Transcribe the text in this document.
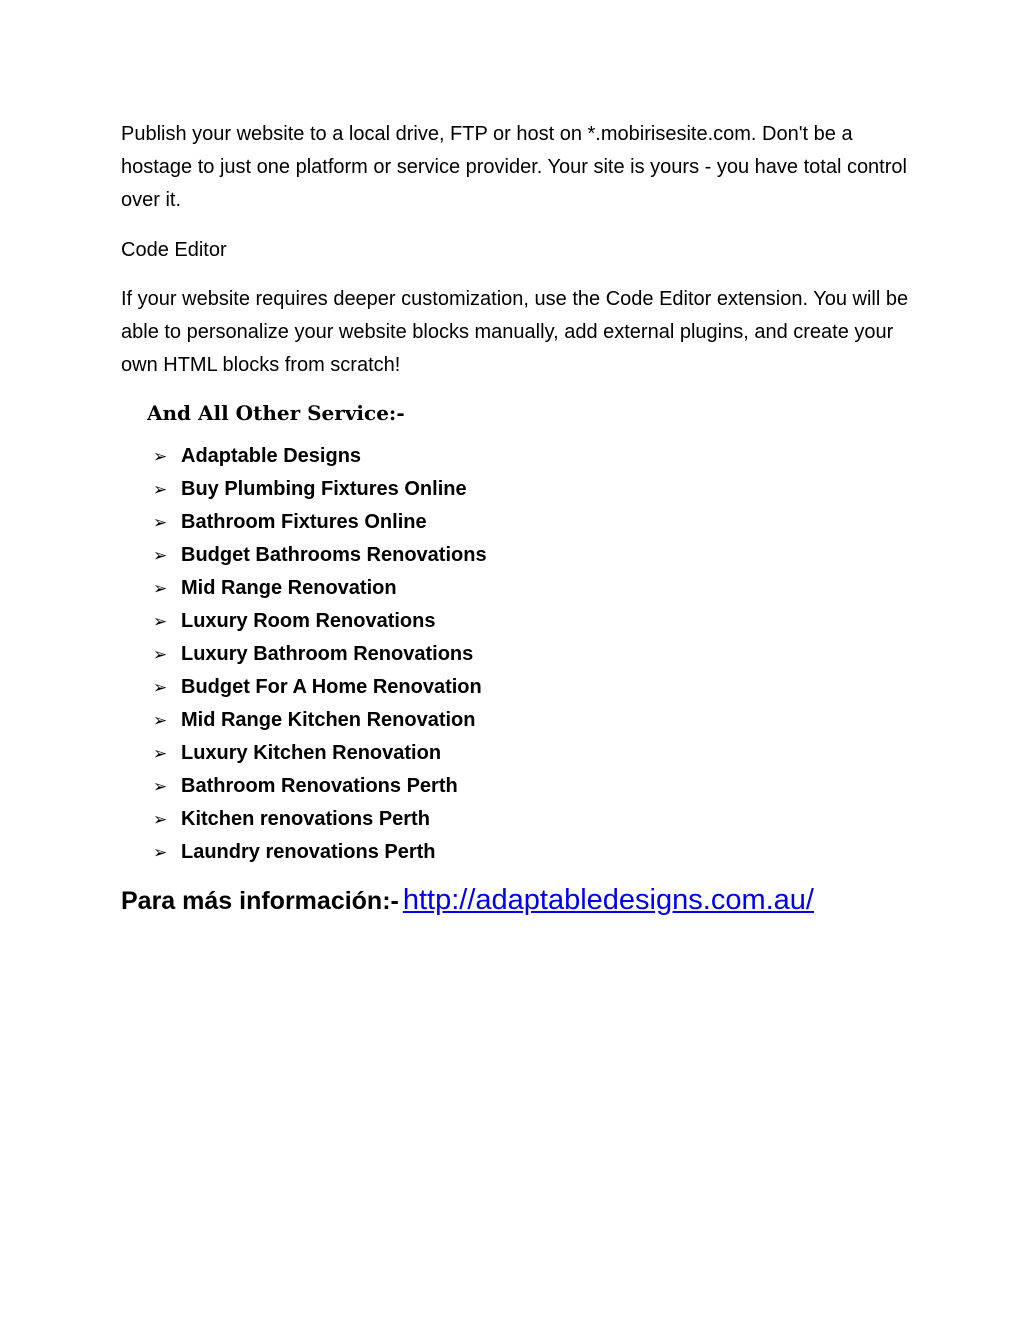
Publish your website to a local drive, FTP or host on *.mobirisesite.com. Don't be a hostage to just one platform or service provider. Your site is yours - you have total control over it.

Code Editor

If your website requires deeper customization, use the Code Editor extension. You will be able to personalize your website blocks manually, add external plugins, and create your own HTML blocks from scratch!

And All Other Service:-
➢ Adaptable Designs
➢ Buy Plumbing Fixtures Online
➢ Bathroom Fixtures Online
➢ Budget Bathrooms Renovations
➢ Mid Range Renovation
➢ Luxury Room Renovations
➢ Luxury Bathroom Renovations
➢ Budget For A Home Renovation
➢ Mid Range Kitchen Renovation
➢ Luxury Kitchen Renovation
➢ Bathroom Renovations Perth
➢ Kitchen renovations Perth
➢ Laundry renovations Perth
Para más información:- http://adaptabledesigns.com.au/
